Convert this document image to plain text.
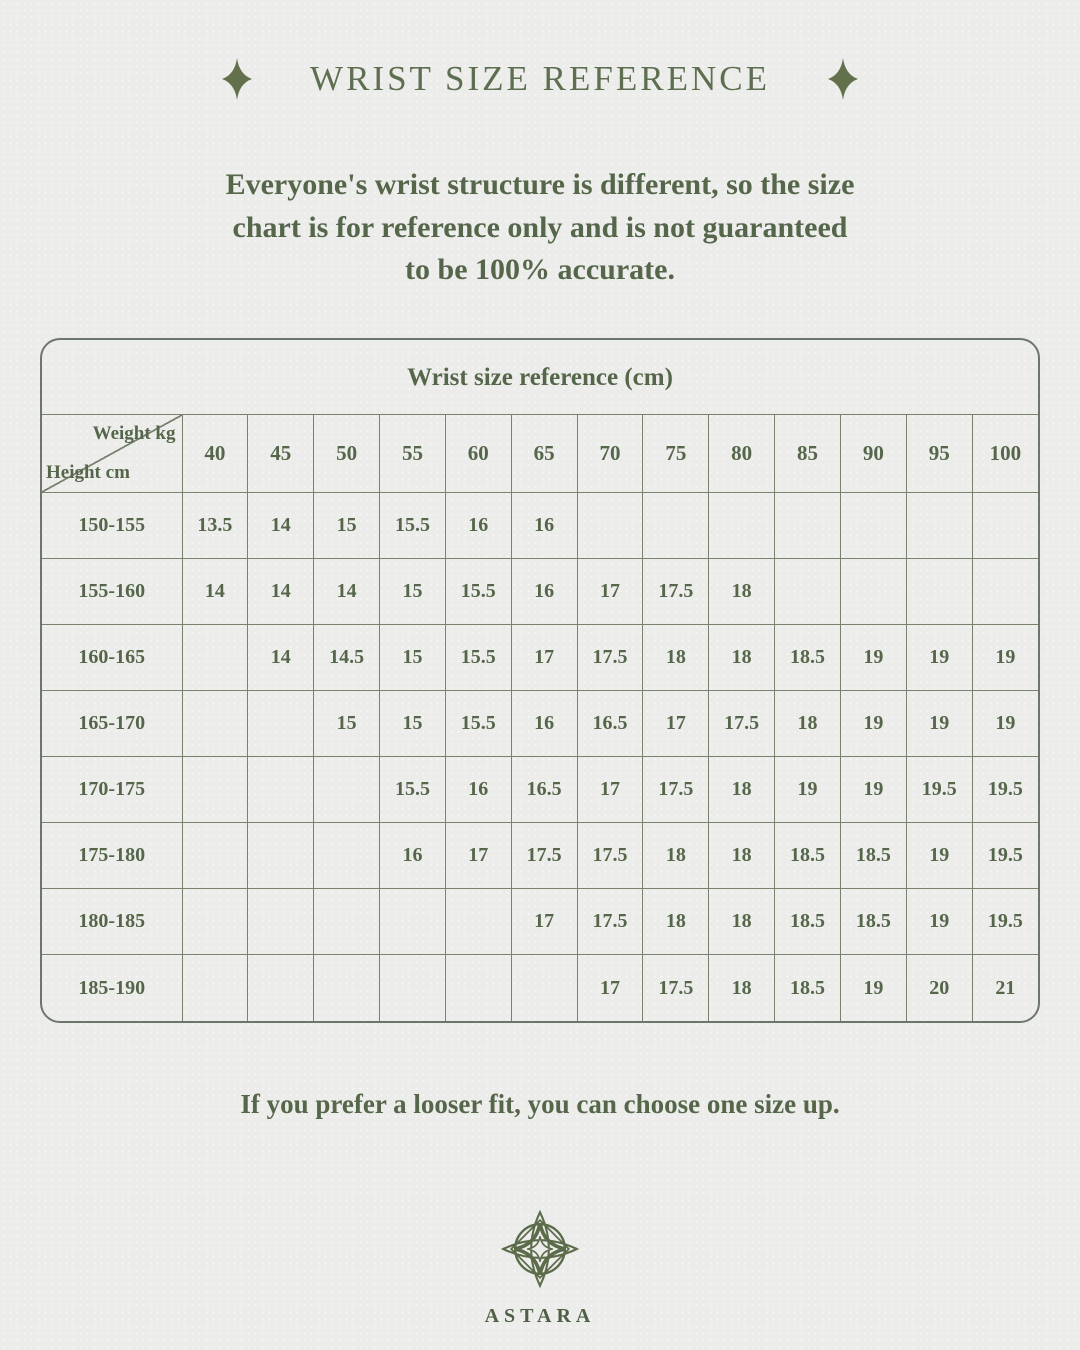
WRIST SIZE REFERENCE
Everyone's wrist structure is different, so the size
chart is for reference only and is not guaranteed
to be 100% accurate.
Wrist size reference (cm)
Weight kg
Height cm	40	45	50	55	60	65	70	75	80	85	90	95	100
150-155	13.5	14	15	15.5	16	16							
155-160	14	14	14	15	15.5	16	17	17.5	18				
160-165		14	14.5	15	15.5	17	17.5	18	18	18.5	19	19	19
165-170			15	15	15.5	16	16.5	17	17.5	18	19	19	19
170-175				15.5	16	16.5	17	17.5	18	19	19	19.5	19.5
175-180				16	17	17.5	17.5	18	18	18.5	18.5	19	19.5
180-185						17	17.5	18	18	18.5	18.5	19	19.5
185-190							17	17.5	18	18.5	19	20	21
If you prefer a looser fit, you can choose one size up.
ASTARA
